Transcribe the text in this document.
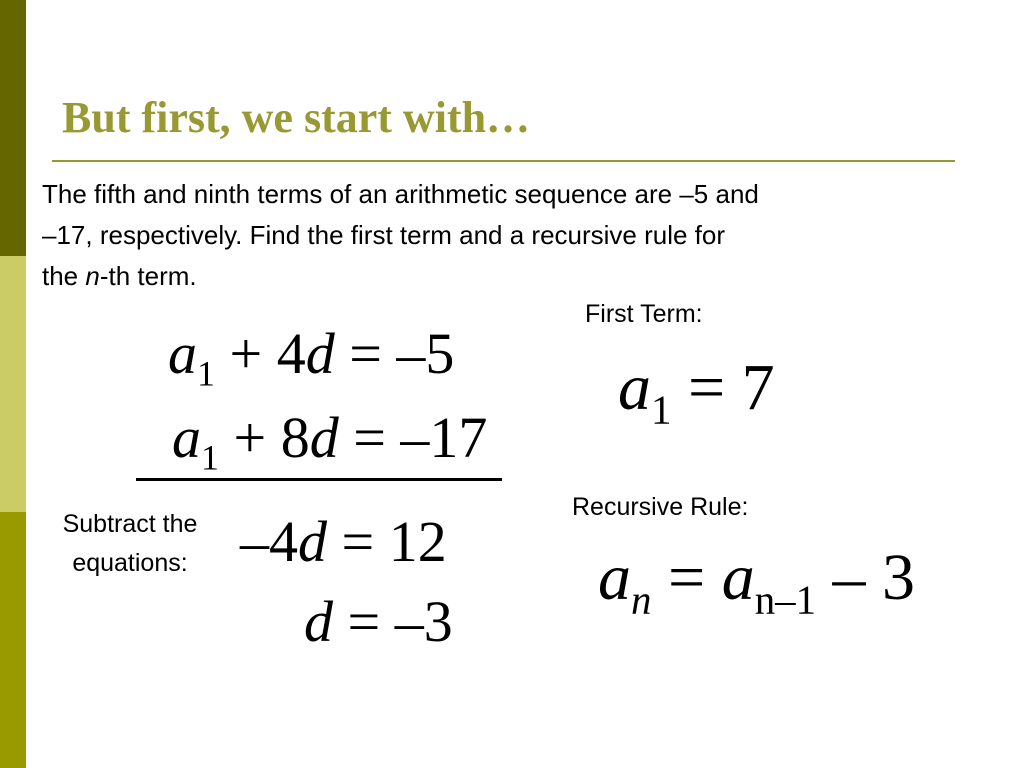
But first, we start with…

The fifth and ninth terms of an arithmetic sequence are –5 and
–17, respectively. Find the first term and a recursive rule for
the n-th term.

$a_1 + 4d = -5$
$a_1 + 8d = -17$
Subtract the
equations: –4d = 12
d = –3
First Term:
$a_1 = 7$
Recursive Rule:
$a_n = a_{n-1} - 3$
